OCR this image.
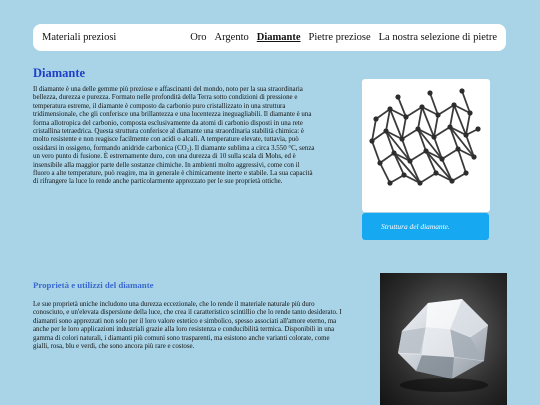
Materiali preziosi	Oro Argento Diamante Pietre preziose La nostra selezione di pietre
Diamante

Il diamante è una delle gemme più preziose e affascinanti del mondo, noto per la sua straordinaria bellezza, durezza e purezza. Formato nelle profondità della Terra sotto condizioni di pressione e temperatura estreme, il diamante è composto da carbonio puro cristallizzato in una struttura tridimensionale, che gli conferisce una brillantezza e una lucentezza ineguagliabili. Il diamante è una forma allotropica del carbonio, composta esclusivamente da atomi di carbonio disposti in una rete cristallina tetraedrica. Questa struttura conferisce al diamante una straordinaria stabilità chimica: è molto resistente e non reagisce facilmente con acidi o alcali. A temperature elevate, tuttavia, può ossidarsi in ossigeno, formando anidride carbonica (CO₂). Il diamante sublima a circa 3.550 °C, senza un vero punto di fusione. È estremamente duro, con una durezza di 10 sulla scala di Mohs, ed è insensibile alla maggior parte delle sostanze chimiche. In ambienti molto aggressivi, come con il fluoro a alte temperature, può reagire, ma in generale è chimicamente inerte e stabile. La sua capacità di rifrangere la luce lo rende anche particolarmente apprezzato per le sue proprietà ottiche.

Struttura del diamante.
Proprietà e utilizzi del diamante

Le sue proprietà uniche includono una durezza eccezionale, che lo rende il materiale naturale più duro conosciuto, e un'elevata dispersione della luce, che crea il caratteristico scintillio che lo rende tanto desiderato. I diamanti sono apprezzati non solo per il loro valore estetico e simbolico, spesso associati all'amore eterno, ma anche per le loro applicazioni industriali grazie alla loro resistenza e conducibilità termica. Disponibili in una gamma di colori naturali, i diamanti più comuni sono trasparenti, ma esistono anche varianti colorate, come gialli, rosa, blu e verdi, che sono ancora più rare e costose.
